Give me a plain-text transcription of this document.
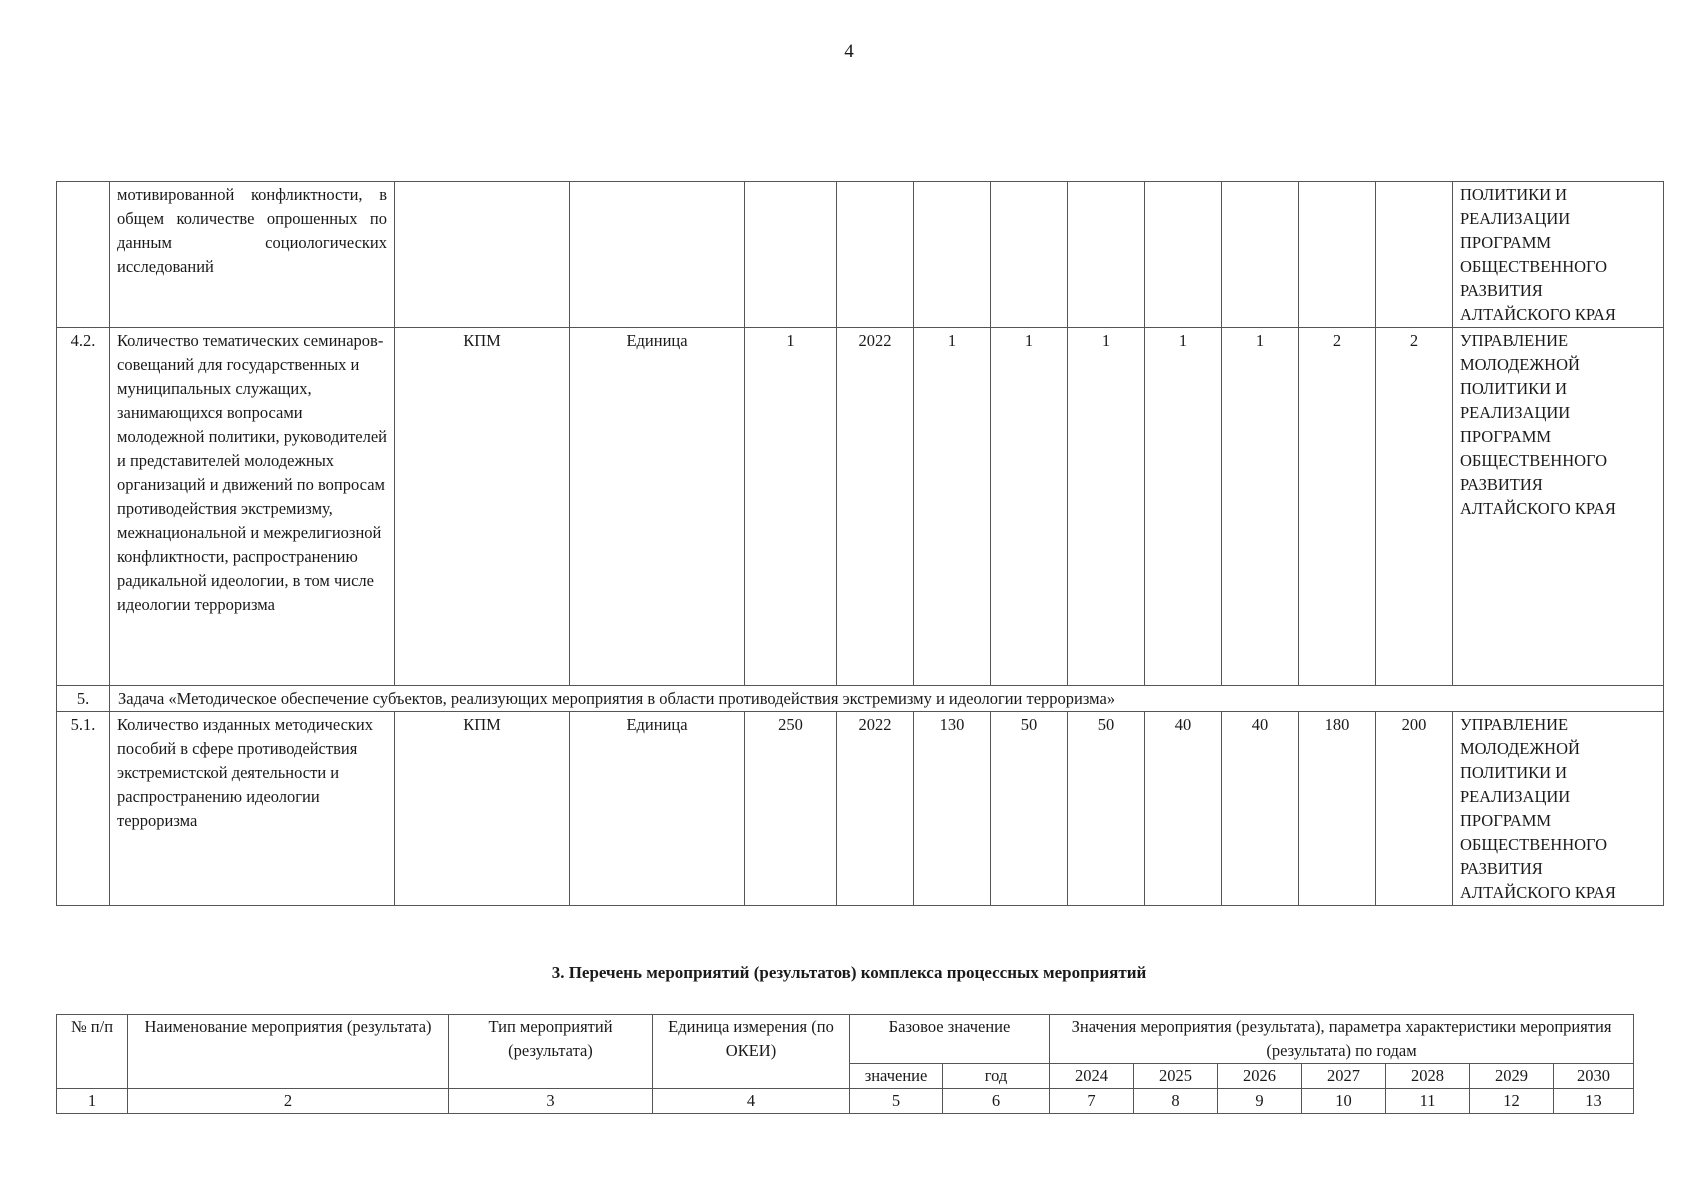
4
	мотивированной конфликтности, в общем количестве опрошенных по данным социологических исследований												ПОЛИТИКИ И РЕАЛИЗАЦИИ ПРОГРАММ ОБЩЕСТВЕННОГО РАЗВИТИЯ АЛТАЙСКОГО КРАЯ
4.2.	Количество тематических семинаров-совещаний для государственных и муниципальных служащих, занимающихся вопросами молодежной политики, руководителей и представителей молодежных организаций и движений по вопросам противодействия экстремизму, межнациональной и межрелигиозной конфликтности, распространению радикальной идеологии, в том числе идеологии терроризма	КПМ	Единица	1	2022	1	1	1	1	1	2	2	УПРАВЛЕНИЕ МОЛОДЕЖНОЙ ПОЛИТИКИ И РЕАЛИЗАЦИИ ПРОГРАММ ОБЩЕСТВЕННОГО РАЗВИТИЯ АЛТАЙСКОГО КРАЯ
5.	Задача «Методическое обеспечение субъектов, реализующих мероприятия в области противодействия экстремизму и идеологии терроризма»												
5.1.	Количество изданных методических пособий в сфере противодействия экстремистской деятельности и распространению идеологии терроризма	КПМ	Единица	250	2022	130	50	50	40	40	180	200	УПРАВЛЕНИЕ МОЛОДЕЖНОЙ ПОЛИТИКИ И РЕАЛИЗАЦИИ ПРОГРАММ ОБЩЕСТВЕННОГО РАЗВИТИЯ АЛТАЙСКОГО КРАЯ
3. Перечень мероприятий (результатов) комплекса процессных мероприятий
№ п/п	Наименование мероприятия (результата)	Тип мероприятий (результата)	Единица измерения (по ОКЕИ)	Базовое значение		Значения мероприятия (результата), параметра характеристики мероприятия (результата) по годам						
				значение	год	2024	2025	2026	2027	2028	2029	2030
1	2	3	4	5	6	7	8	9	10	11	12	13
